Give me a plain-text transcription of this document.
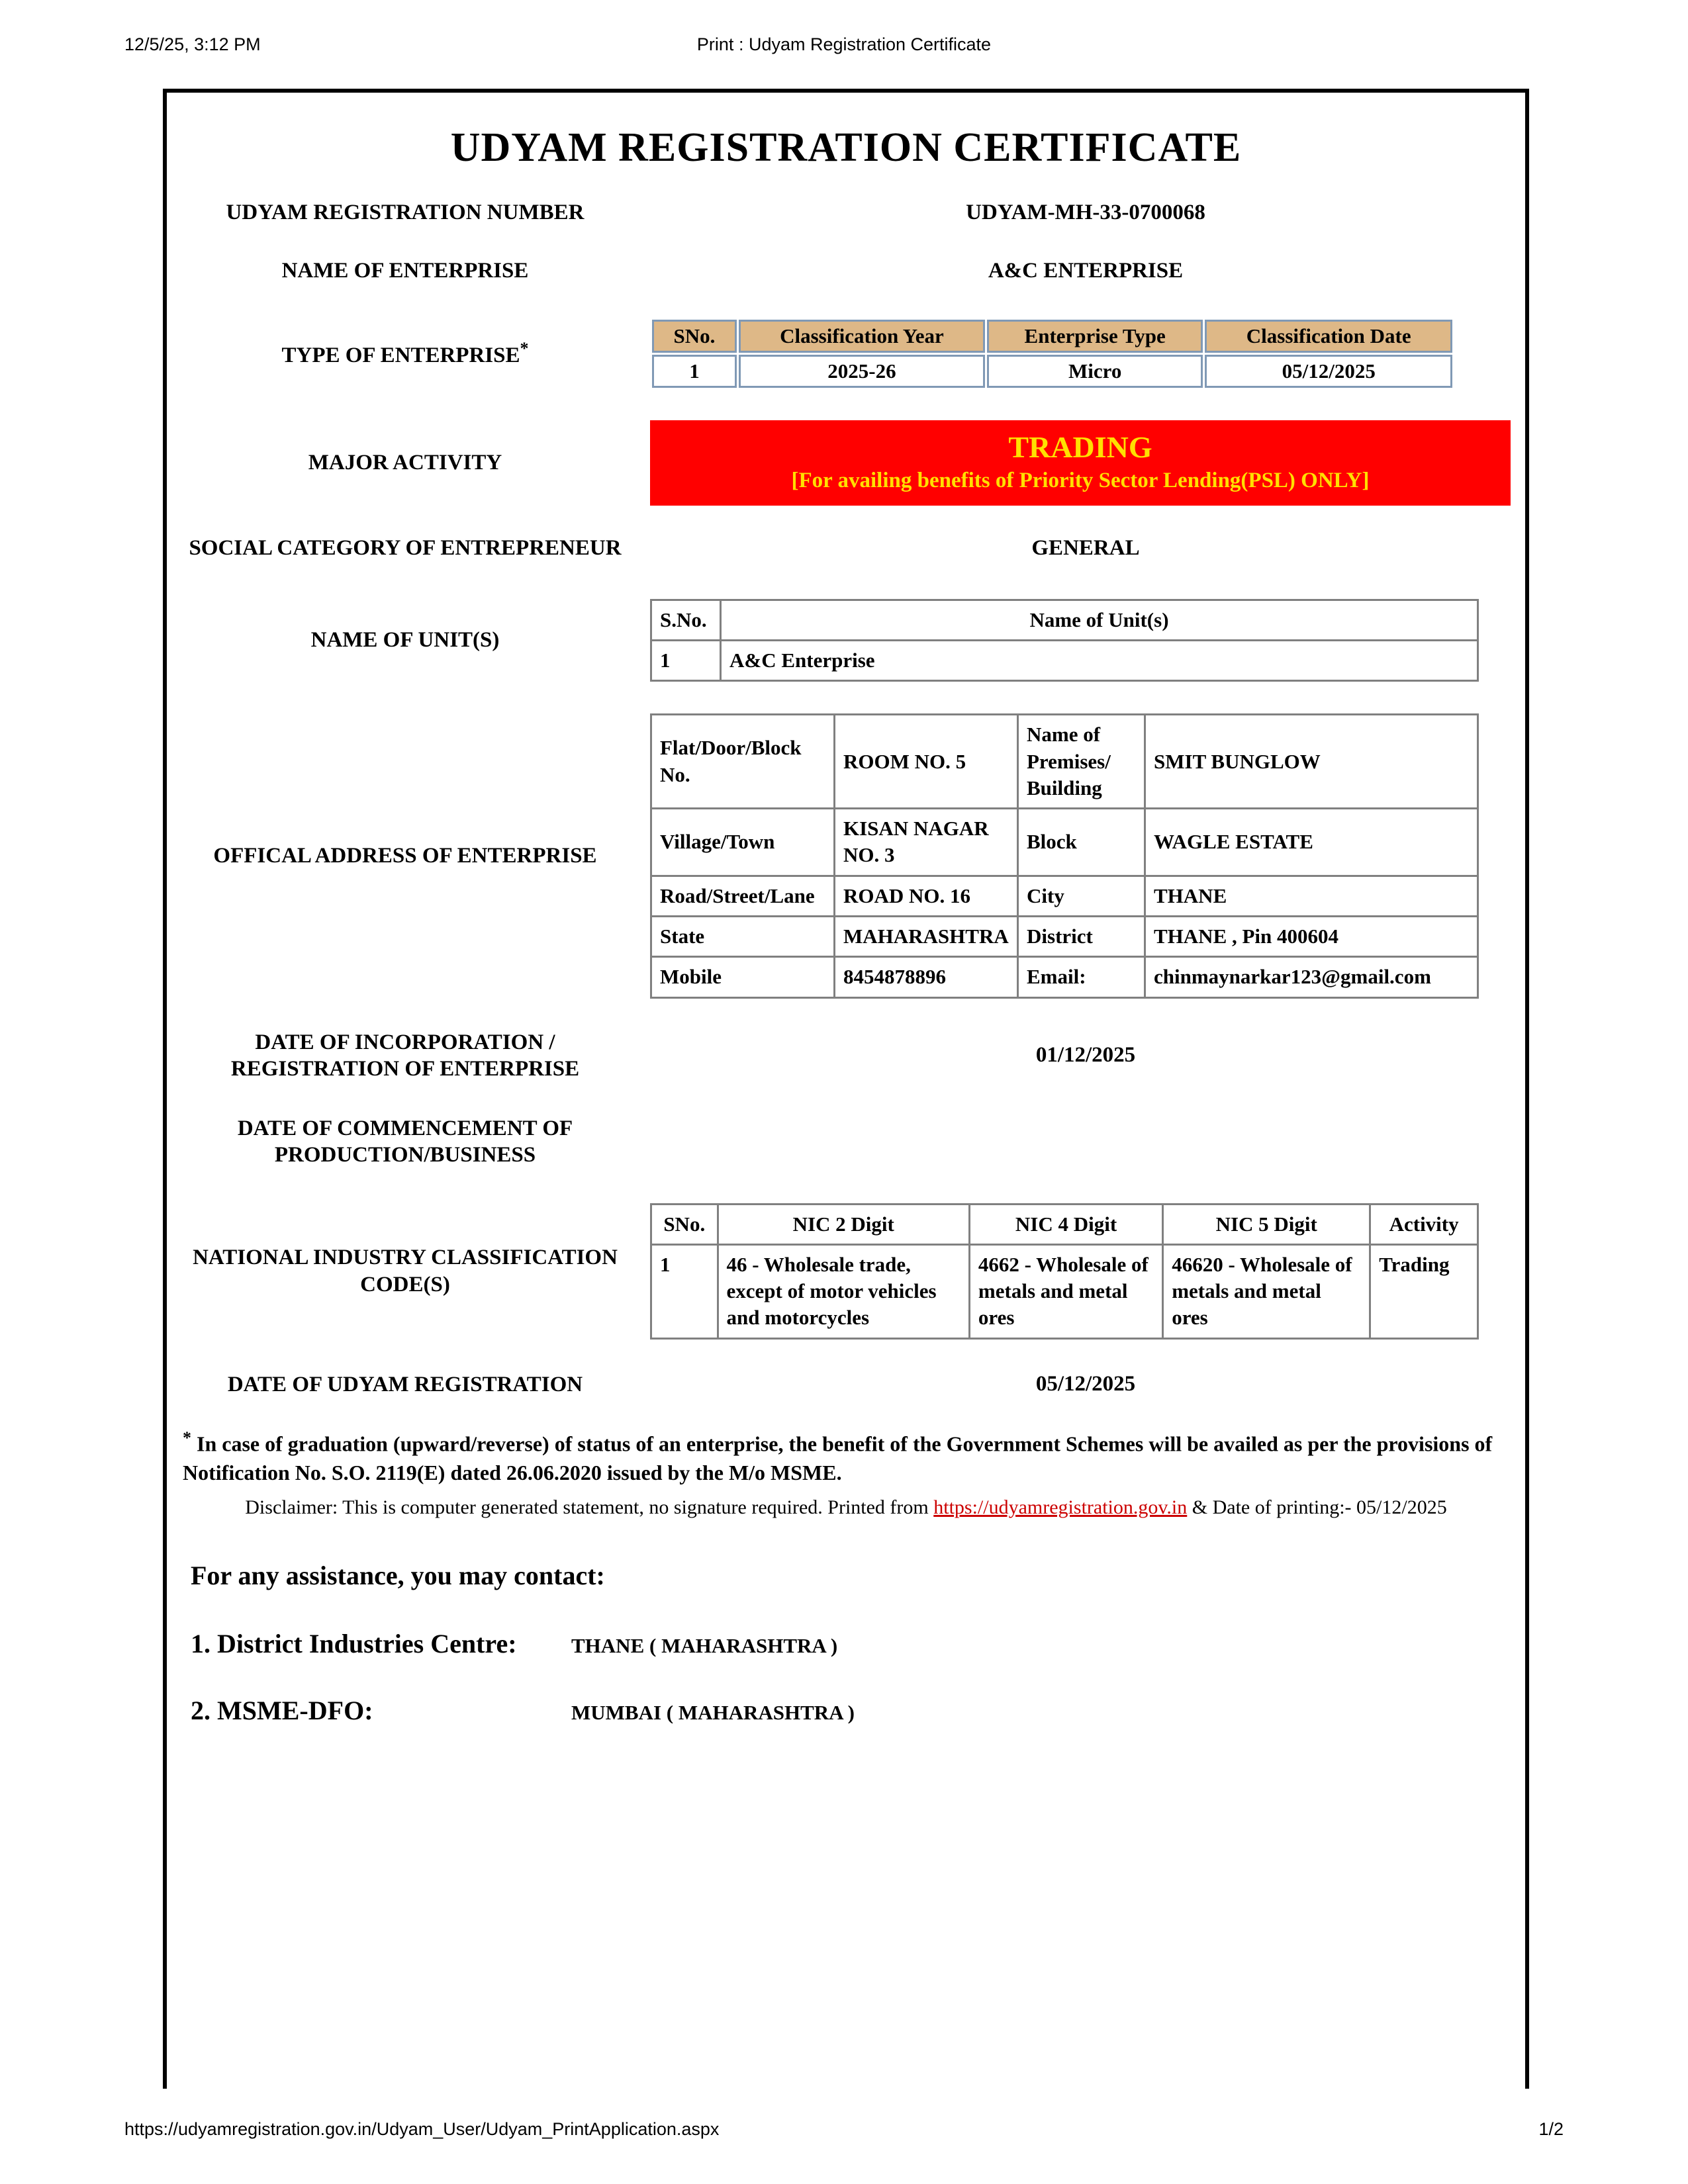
12/5/25, 3:12 PM	Print : Udyam Registration Certificate
UDYAM REGISTRATION CERTIFICATE
UDYAM REGISTRATION NUMBER	UDYAM-MH-33-0700068
NAME OF ENTERPRISE	A&C ENTERPRISE
TYPE OF ENTERPRISE*
SNo.	Classification Year	Enterprise Type	Classification Date
1	2025-26	Micro	05/12/2025
MAJOR ACTIVITY	TRADING
[For availing benefits of Priority Sector Lending(PSL) ONLY]
SOCIAL CATEGORY OF ENTREPRENEUR	GENERAL
NAME OF UNIT(S)
S.No.	Name of Unit(s)
1	A&C Enterprise
OFFICAL ADDRESS OF ENTERPRISE
Flat/Door/Block No.	ROOM NO. 5	Name of Premises/ Building	SMIT BUNGLOW
Village/Town	KISAN NAGAR NO. 3	Block	WAGLE ESTATE
Road/Street/Lane	ROAD NO. 16	City	THANE
State	MAHARASHTRA	District	THANE , Pin 400604
Mobile	8454878896	Email:	chinmaynarkar123@gmail.com
DATE OF INCORPORATION / REGISTRATION OF ENTERPRISE
01/12/2025
DATE OF COMMENCEMENT OF PRODUCTION/BUSINESS
NATIONAL INDUSTRY CLASSIFICATION CODE(S)
SNo.	NIC 2 Digit	NIC 4 Digit	NIC 5 Digit	Activity
1	46 - Wholesale trade, except of motor vehicles and motorcycles	4662 - Wholesale of metals and metal ores	46620 - Wholesale of metals and metal ores	Trading
DATE OF UDYAM REGISTRATION	05/12/2025
* In case of graduation (upward/reverse) of status of an enterprise, the benefit of the Government Schemes will be availed as per the provisions of Notification No. S.O. 2119(E) dated 26.06.2020 issued by the M/o MSME.
Disclaimer: This is computer generated statement, no signature required. Printed from https://udyamregistration.gov.in & Date of printing:- 05/12/2025
For any assistance, you may contact:
1. District Industries Centre:	THANE ( MAHARASHTRA )
2. MSME-DFO:	MUMBAI ( MAHARASHTRA )
https://udyamregistration.gov.in/Udyam_User/Udyam_PrintApplication.aspx	1/2
